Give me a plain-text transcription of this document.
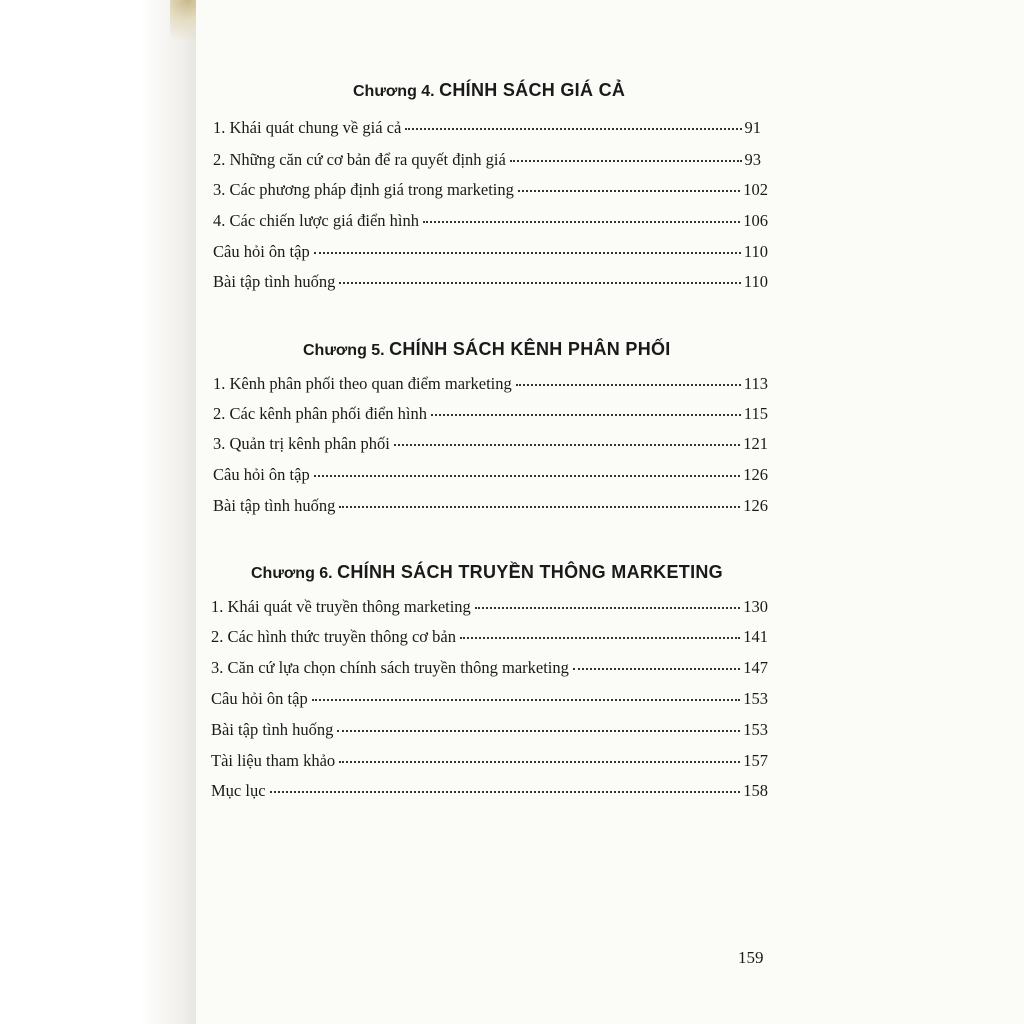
Chương 4. CHÍNH SÁCH GIÁ CẢ
1. Khái quát chung về giá cả	91
2. Những căn cứ cơ bản để ra quyết định giá	93
3. Các phương pháp định giá trong marketing	102
4. Các chiến lược giá điển hình	106
Câu hỏi ôn tập	110
Bài tập tình huống	110
Chương 5. CHÍNH SÁCH KÊNH PHÂN PHỐI
1. Kênh phân phối theo quan điểm marketing	113
2. Các kênh phân phối điển hình	115
3. Quản trị kênh phân phối	121
Câu hỏi ôn tập	126
Bài tập tình huống	126
Chương 6. CHÍNH SÁCH TRUYỀN THÔNG MARKETING
1. Khái quát về truyền thông marketing	130
2. Các hình thức truyền thông cơ bản	141
3. Căn cứ lựa chọn chính sách truyền thông marketing	147
Câu hỏi ôn tập	153
Bài tập tình huống	153
Tài liệu tham khảo	157
Mục lục	158
159
